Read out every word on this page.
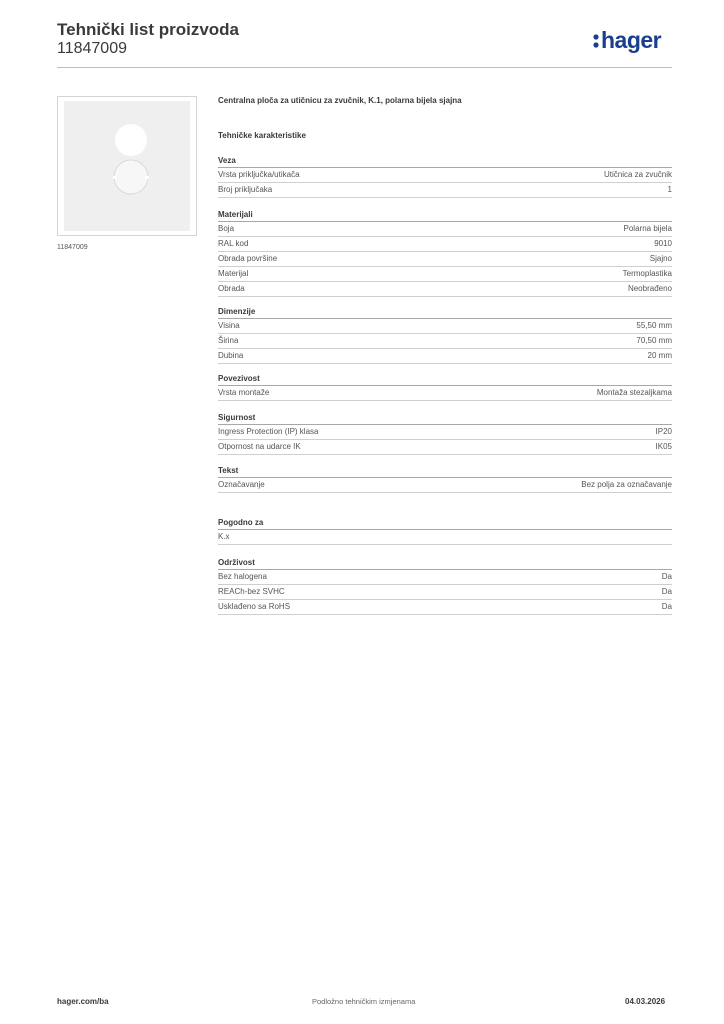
Tehnički list proizvoda
11847009	hager
11847009
Centralna ploča za utičnicu za zvučnik, K.1, polarna bijela sjajna
Tehničke karakteristike
Veza
Vrsta priključka/utikača	Utičnica za zvučnik
Broj priključaka	1
Materijali
Boja	Polarna bijela
RAL kod	9010
Obrada površine	Sjajno
Materijal	Termoplastika
Obrada	Neobrađeno
Dimenzije
Visina	55,50 mm
Širina	70,50 mm
Dubina	20 mm
Povezivost
Vrsta montaže	Montaža stezaljkama
Sigurnost
Ingress Protection (IP) klasa	IP20
Otpornost na udarce IK	IK05
Tekst
Označavanje	Bez polja za označavanje
Pogodno za
K.x
Održivost
Bez halogena	Da
REACh-bez SVHC	Da
Usklađeno sa RoHS	Da
hager.com/ba	Podložno tehničkim izmjenama	04.03.2026
